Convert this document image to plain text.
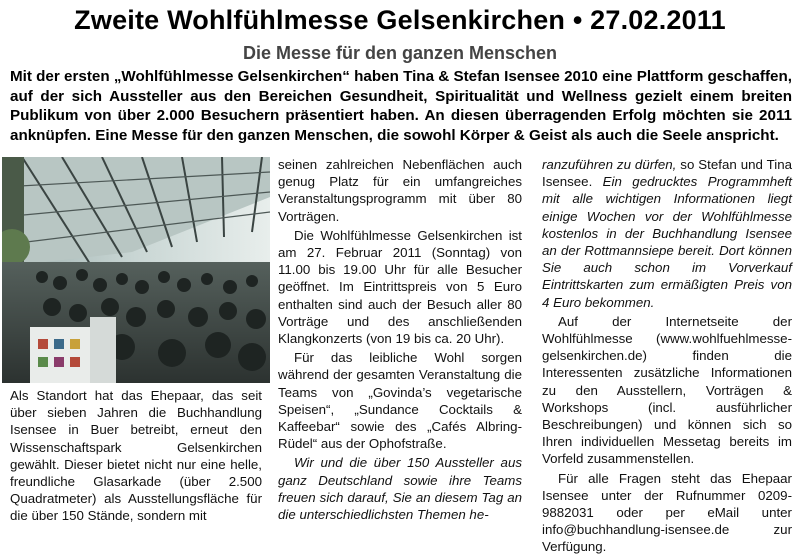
Zweite Wohlfühlmesse Gelsenkirchen • 27.02.2011
Die Messe für den ganzen Menschen
Mit der ersten „Wohlfühlmesse Gelsenkirchen“ haben Tina & Stefan Isensee 2010 eine Plattform geschaffen, auf der sich Aussteller aus den Bereichen Gesundheit, Spiritualität und Wellness gezielt einem breiten Publikum von über 2.000 Besuchern präsentiert haben. An diesen überragenden Erfolg möchten sie 2011 anknüpfen. Eine Messe für den ganzen Menschen, die sowohl Körper & Geist als auch die Seele anspricht.

Als Standort hat das Ehepaar, das seit über sieben Jahren die Buchhandlung Isensee in Buer betreibt, erneut den Wissenschaftspark Gelsenkirchen gewählt. Dieser bietet nicht nur eine helle, freundliche Glasarkade (über 2.500 Quadratmeter) als Ausstellungsfläche für die über 150 Stände, sondern mit

seinen zahlreichen Nebenflächen auch genug Platz für ein umfangreiches Veranstaltungsprogramm mit über 80 Vorträgen.

Die Wohlfühlmesse Gelsenkirchen ist am 27. Februar 2011 (Sonntag) von 11.00 bis 19.00 Uhr für alle Besucher geöffnet. Im Eintrittspreis von 5 Euro enthalten sind auch der Besuch aller 80 Vorträge und des anschließenden Klangkonzerts (von 19 bis ca. 20 Uhr).

Für das leibliche Wohl sorgen während der gesamten Veranstaltung die Teams von „Govinda’s vegetarische Speisen“, „Sundance Cocktails & Kaffeebar“ sowie des „Cafés Albring-Rüdel“ aus der Ophofstraße.

Wir und die über 150 Aussteller aus ganz Deutschland sowie ihre Teams freuen sich darauf, Sie an diesem Tag an die unterschiedlichsten Themen he-

ranzuführen zu dürfen, so Stefan und Tina Isensee. Ein gedrucktes Programmheft mit alle wichtigen Informationen liegt einige Wochen vor der Wohlfühlmesse kostenlos in der Buchhandlung Isensee an der Rottmannsiepe bereit. Dort können Sie auch schon im Vorverkauf Eintrittskarten zum ermäßigten Preis von 4 Euro bekommen.

Auf der Internetseite der Wohlfühlmesse (www.wohlfuehlmesse-gelsenkirchen.de) finden die Interessenten zusätzliche Informationen zu den Ausstellern, Vorträgen & Workshops (incl. ausführlicher Beschreibungen) und können sich so Ihren individuellen Messetag bereits im Vorfeld zusammenstellen.

Für alle Fragen steht das Ehepaar Isensee unter der Rufnummer 0209-9882031 oder per eMail unter info@buchhandlung-isensee.de zur Verfügung.
